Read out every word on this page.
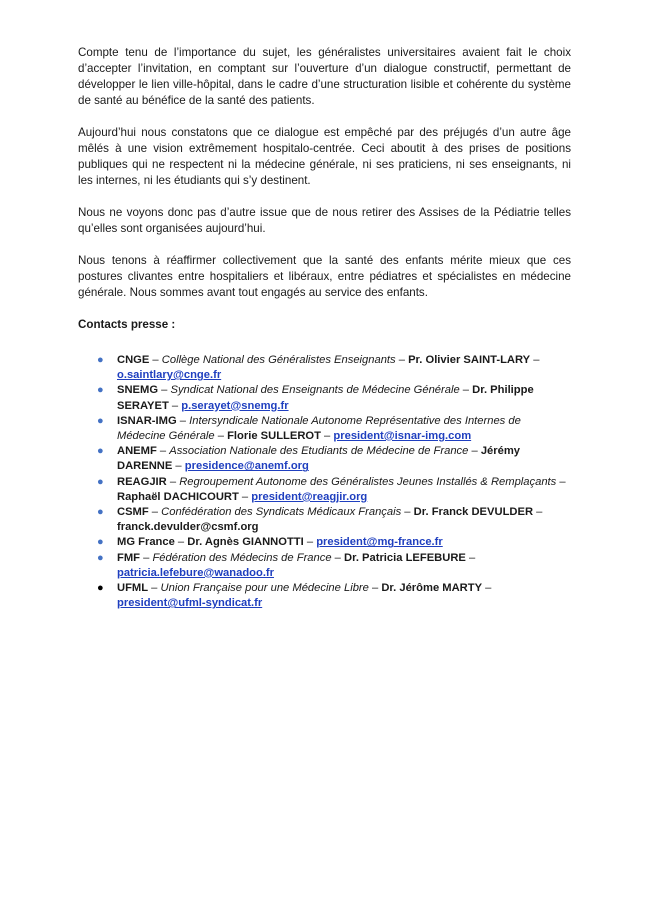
Compte tenu de l’importance du sujet, les généralistes universitaires avaient fait le choix d’accepter l’invitation, en comptant sur l’ouverture d’un dialogue constructif, permettant de développer le lien ville-hôpital, dans le cadre d’une structuration lisible et cohérente du système de santé au bénéfice de la santé des patients.

Aujourd’hui nous constatons que ce dialogue est empêché par des préjugés d’un autre âge mêlés à une vision extrêmement hospitalo-centrée. Ceci aboutit à des prises de positions publiques qui ne respectent ni la médecine générale, ni ses praticiens, ni ses enseignants, ni les internes, ni les étudiants qui s’y destinent.

Nous ne voyons donc pas d’autre issue que de nous retirer des Assises de la Pédiatrie telles qu’elles sont organisées aujourd’hui.

Nous tenons à réaffirmer collectivement que la santé des enfants mérite mieux que ces postures clivantes entre hospitaliers et libéraux, entre pédiatres et spécialistes en médecine générale. Nous sommes avant tout engagés au service des enfants.

Contacts presse :

● CNGE – Collège National des Généralistes Enseignants – Pr. Olivier SAINT-LARY – o.saintlary@cnge.fr
● SNEMG – Syndicat National des Enseignants de Médecine Générale – Dr. Philippe SERAYET – p.serayet@snemg.fr
● ISNAR-IMG – Intersyndicale Nationale Autonome Représentative des Internes de Médecine Générale – Florie SULLEROT – president@isnar-img.com
● ANEMF – Association Nationale des Etudiants de Médecine de France – Jérémy DARENNE – presidence@anemf.org
● REAGJIR – Regroupement Autonome des Généralistes Jeunes Installés & Remplaçants – Raphaël DACHICOURT – president@reagjir.org
● CSMF – Confédération des Syndicats Médicaux Français – Dr. Franck DEVULDER – franck.devulder@csmf.org
● MG France – Dr. Agnès GIANNOTTI – president@mg-france.fr
● FMF – Fédération des Médecins de France – Dr. Patricia LEFEBURE – patricia.lefebure@wanadoo.fr
● UFML – Union Française pour une Médecine Libre – Dr. Jérôme MARTY – president@ufml-syndicat.fr
